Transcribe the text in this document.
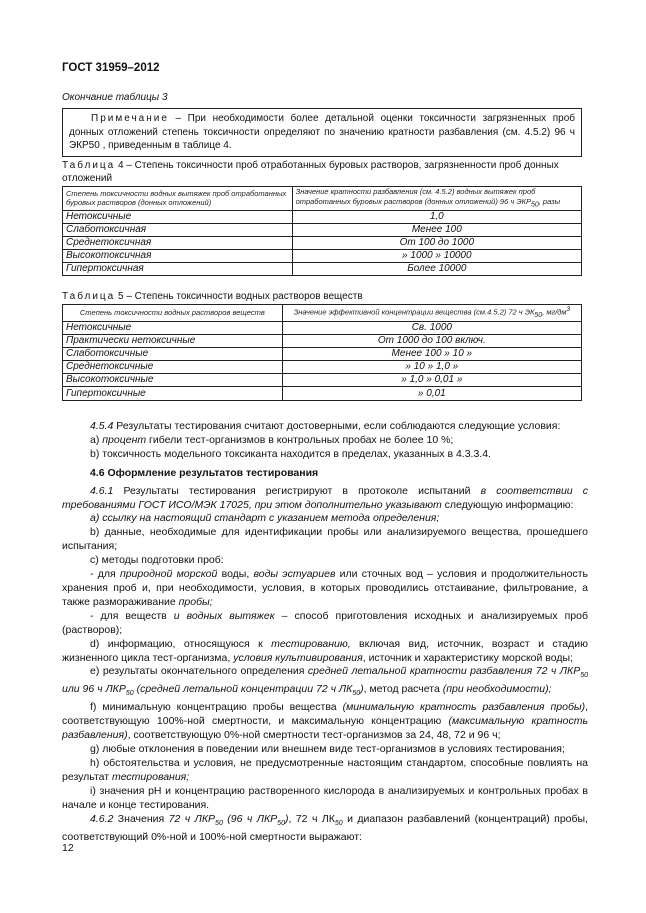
ГОСТ 31959–2012
Окончание таблицы 3
Примечание – При необходимости более детальной оценки токсичности загрязненных проб донных отложений степень токсичности определяют по значению кратности разбавления (см. 4.5.2) 96 ч ЭКР50 , приведенным в таблице 4.
Таблица 4 – Степень токсичности проб отработанных буровых растворов, загрязненности проб донных отложений
Степень токсичности водных вытяжек проб отработанных буровых растворов (донных отложений)	Значение кратности разбавления (см. 4.5.2) водных вытяжек проб отработанных буровых растворов (донных отложений) 96 ч $ЭКР_{50}$, разы
Нетоксичные	1,0
Слаботоксичная	Менее 100
Среднетоксичная	От 100 до 1000
Высокотоксичная	» 1000 » 10000
Гипертоксичная	Более 10000
Таблица 5 – Степень токсичности водных растворов веществ
Степень токсичности водных растворов веществ	Значение эффективной концентрации вещества (см.4.5.2) 72 ч $ЭК_{50}$, $мг/дм^3$
Нетоксичные	Св. 1000
Практически нетоксичные	От 1000 до 100 включ.
Слаботоксичные	Менее 100 » 10 »
Среднетоксичные	» 10 » 1,0 »
Высокотоксичные	» 1,0 » 0,01 »
Гипертоксичные	» 0,01

4.5.4 Результаты тестирования считают достоверными, если соблюдаются следующие условия:

а) процент гибели тест-организмов в контрольных пробах не более 10 %;

b) токсичность модельного токсиканта находится в пределах, указанных в 4.3.3.4.

4.6 Оформление результатов тестирования

4.6.1 Результаты тестирования регистрируют в протоколе испытаний в соответствии с требованиями ГОСТ ИСО/МЭК 17025, при этом дополнительно указывают следующую информацию:

а) ссылку на настоящий стандарт с указанием метода определения;

b) данные, необходимые для идентификации пробы или анализируемого вещества, прошедшего испытания;

с) методы подготовки проб:

- для природной морской воды, воды эстуариев или сточных вод – условия и продолжительность хранения проб и, при необходимости, условия, в которых проводились отстаивание, фильтрование, а также размораживание пробы;

- для веществ и водных вытяжек – способ приготовления исходных и анализируемых проб (растворов);

d) информацию, относящуюся к тестированию, включая вид, источник, возраст и стадию жизненного цикла тест-организма, условия культивирования, источник и характеристику морской воды;

е) результаты окончательного определения средней летальной кратности разбавления 72 ч $ЛКР_{50}$ или 96 ч $ЛКР_{50}$ (средней летальной концентрации 72 ч $ЛК_{50}$), метод расчета (при необходимости);

f) минимальную концентрацию пробы вещества (минимальную кратность разбавления пробы), соответствующую 100%-ной смертности, и максимальную концентрацию (максимальную кратность разбавления), соответствующую 0%-ной смертности тест-организмов за 24, 48, 72 и 96 ч;

g) любые отклонения в поведении или внешнем виде тест-организмов в условиях тестирования;

h) обстоятельства и условия, не предусмотренные настоящим стандартом, способные повлиять на результат тестирования;

i) значения pH и концентрацию растворенного кислорода в анализируемых и контрольных пробах в начале и конце тестирования.

4.6.2 Значения 72 ч $ЛКР_{50}$ (96 ч $ЛКР_{50}$), 72 ч $ЛК_{50}$ и диапазон разбавлений (концентраций) пробы, соответствующий 0%-ной и 100%-ной смертности выражают:

12
